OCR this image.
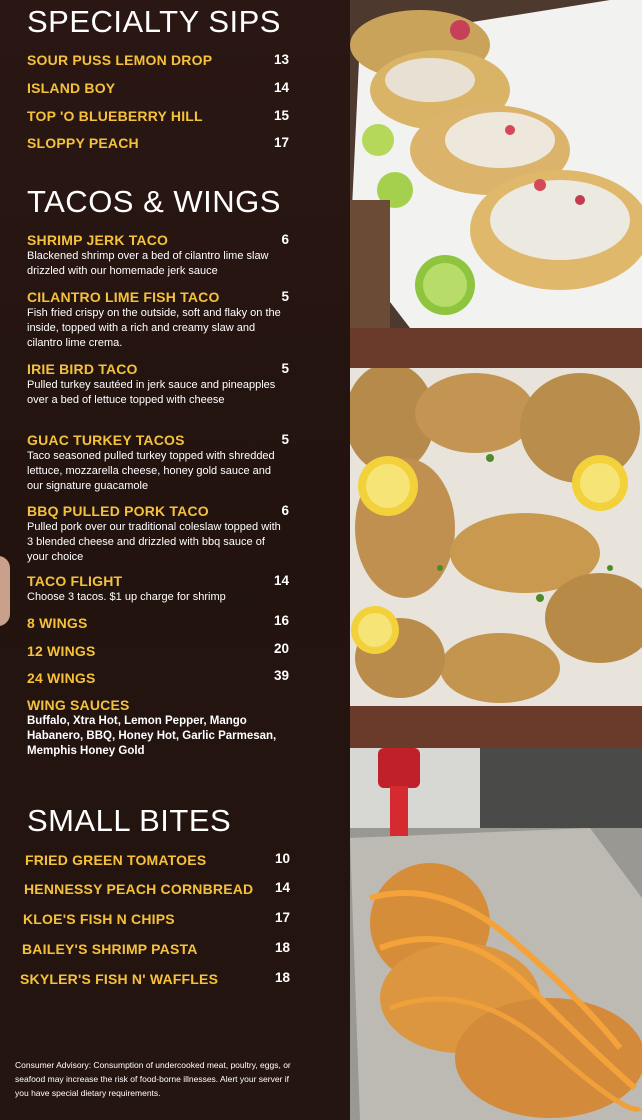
SPECIALTY SIPS
SOUR PUSS LEMON DROP	13
ISLAND BOY	14
TOP 'O BLUEBERRY HILL	15
SLOPPY PEACH	17
TACOS & WINGS
SHRIMP JERK TACO	6
Blackened shrimp over a bed of cilantro lime slaw drizzled with our homemade jerk sauce
CILANTRO LIME FISH TACO	5
Fish fried crispy on the outside, soft and flaky on the inside, topped with a rich and creamy slaw and cilantro lime crema.
IRIE BIRD TACO	5
Pulled turkey sautéed in jerk sauce and pineapples over a bed of lettuce topped with cheese
GUAC TURKEY TACOS	5
Taco seasoned pulled turkey topped with shredded lettuce, mozzarella cheese, honey gold sauce and our signature guacamole
BBQ PULLED PORK TACO	6
Pulled pork over our traditional coleslaw topped with 3 blended cheese and drizzled with bbq sauce of your choice
TACO FLIGHT	14
Choose 3 tacos. $1 up charge for shrimp
8 WINGS	16
12 WINGS	20
24 WINGS	39
WING SAUCES
Buffalo, Xtra Hot, Lemon Pepper, Mango Habanero, BBQ, Honey Hot, Garlic Parmesan, Memphis Honey Gold
SMALL BITES
FRIED GREEN TOMATOES	10
HENNESSY PEACH CORNBREAD 14
KLOE'S FISH N CHIPS	17
BAILEY'S SHRIMP PASTA	18
SKYLER'S FISH N' WAFFLES	18
Consumer Advisory: Consumption of undercooked meat, poultry, eggs, or seafood may increase the risk of food-borne illnesses. Alert your server if you have special dietary requirements.
